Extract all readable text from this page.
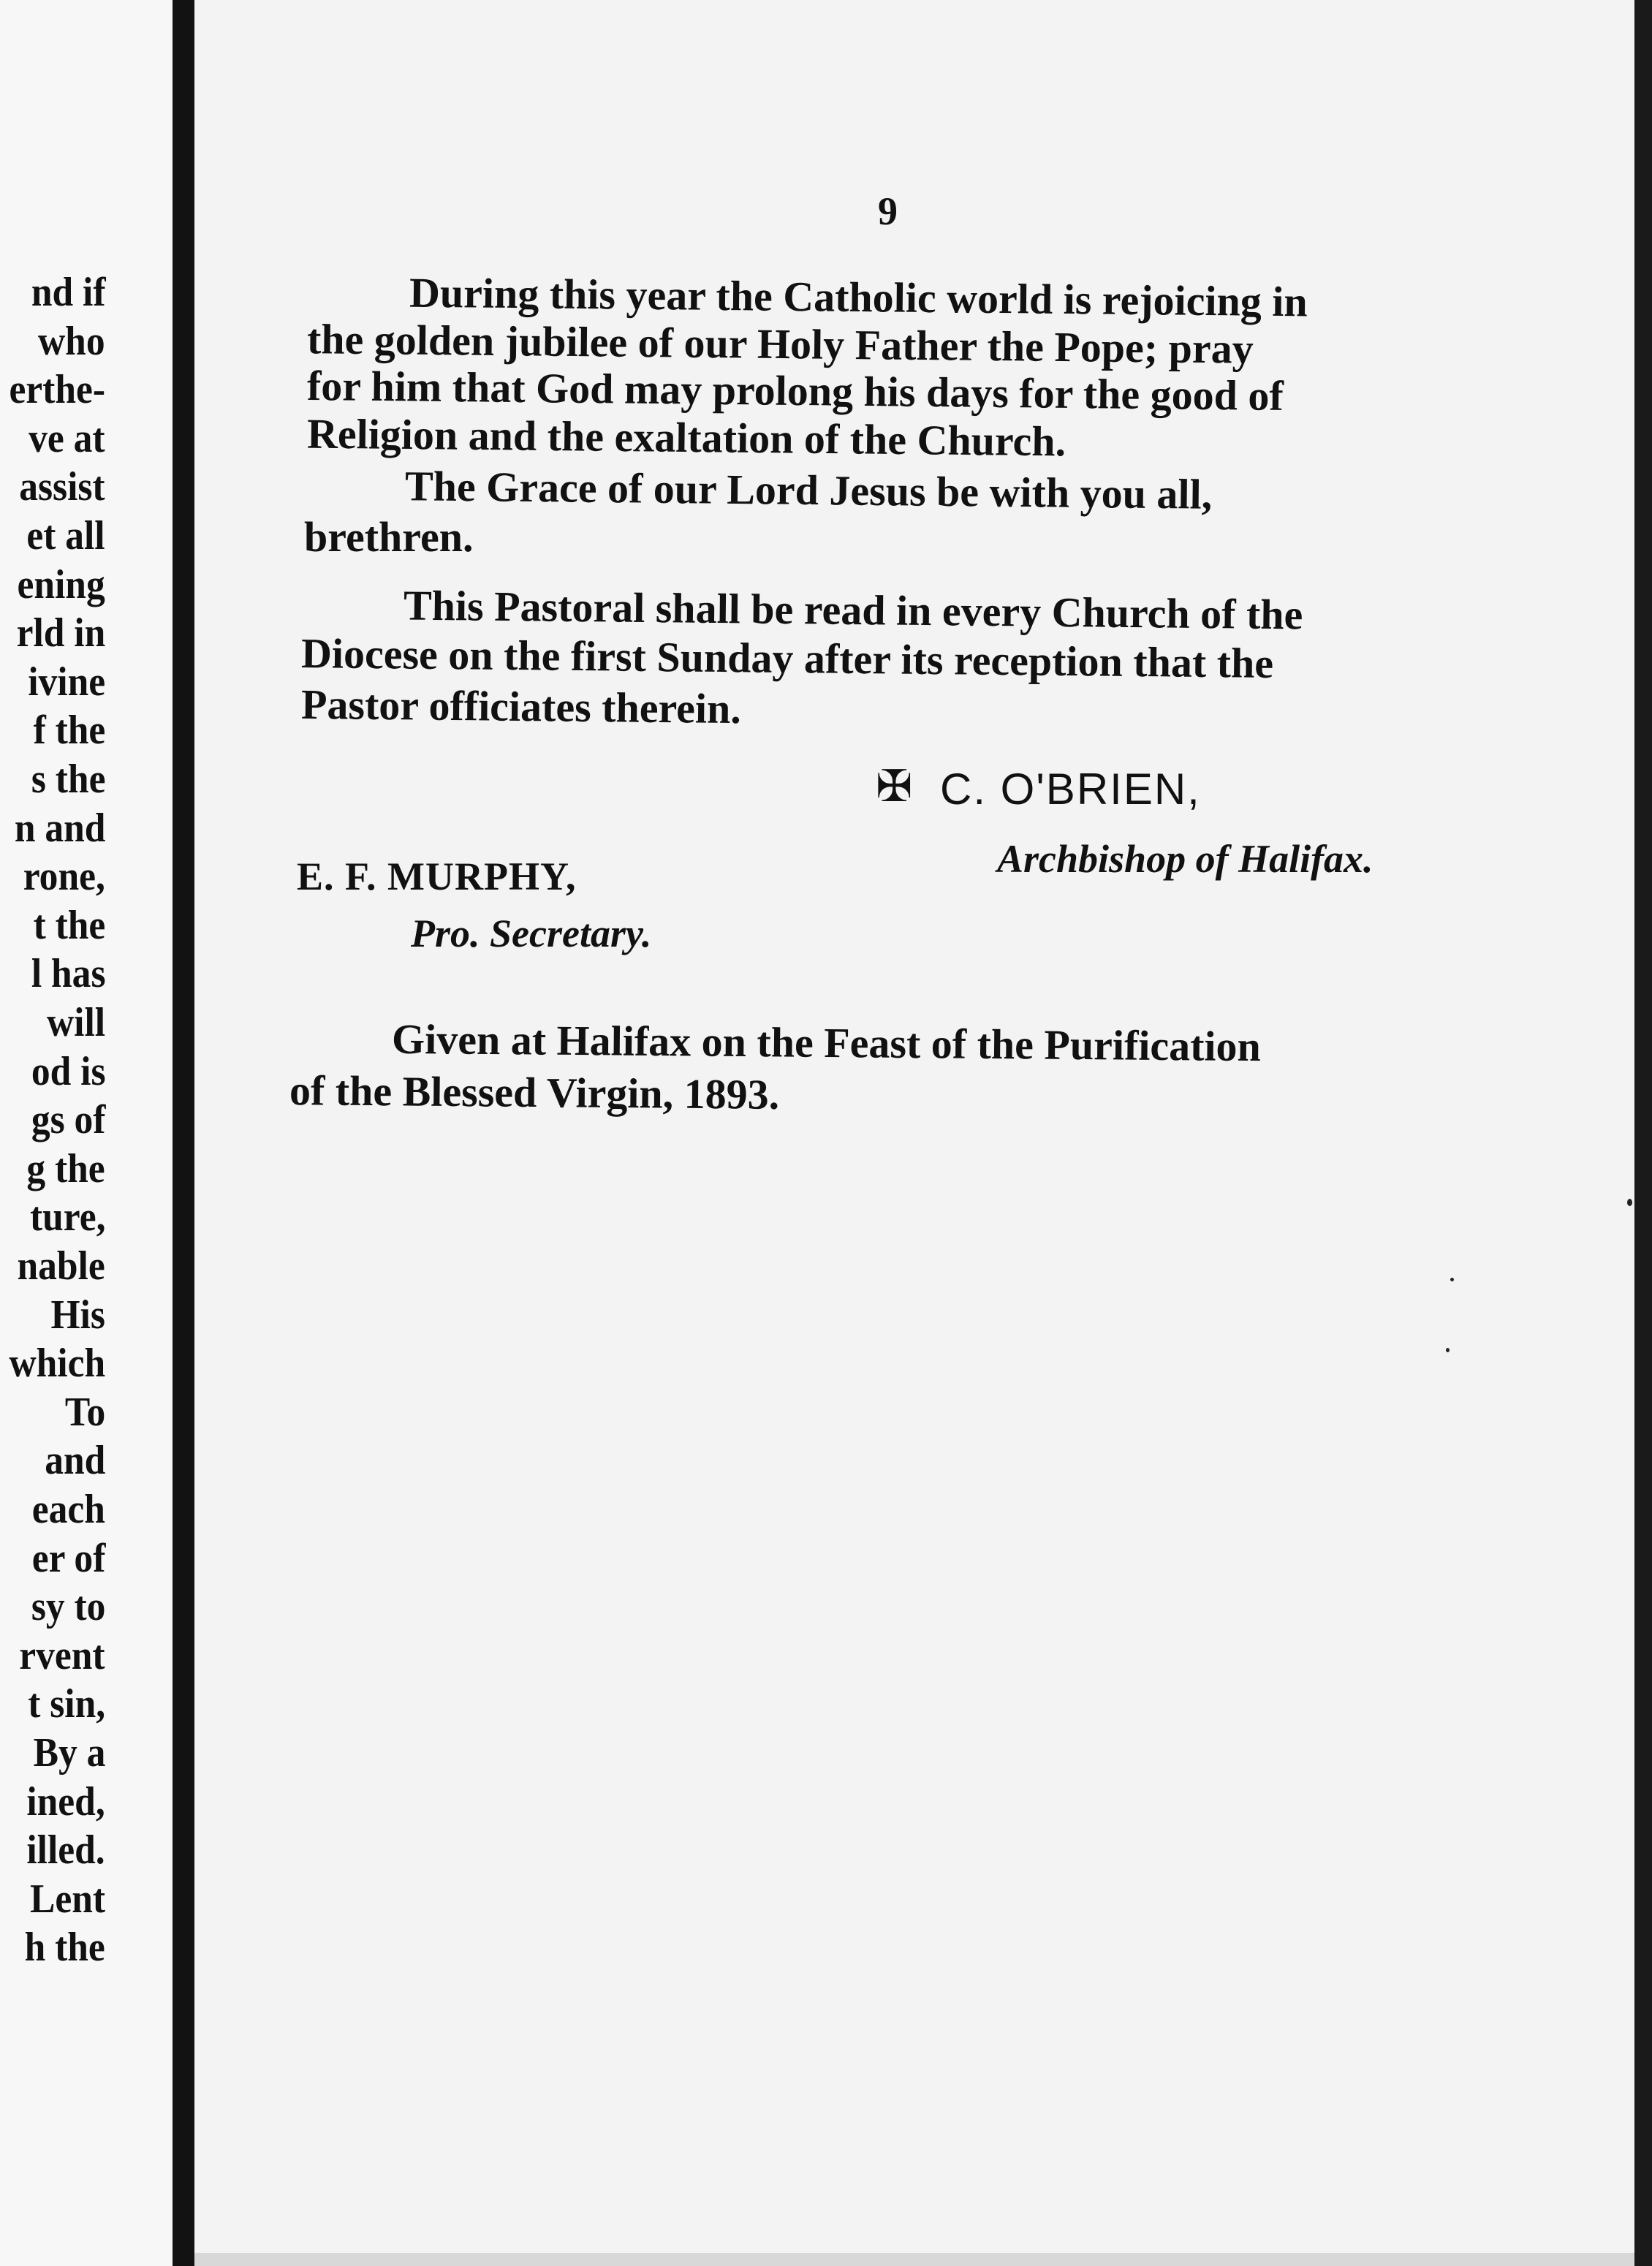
nd if
who
erthe-
ve at
assist
et all
ening
rld in
ivine
f the
s the
n and
rone,
t the
l has
will
od is
gs of
g the
ture,
nable
His
which
To
and
each
er of
sy to
rvent
t sin,
By a
ined,
illed.
Lent
h the
9
During this year the Catholic world is rejoicing in
the golden jubilee of our Holy Father the Pope; pray
for him that God may prolong his days for the good of
Religion and the exaltation of the Church.
The Grace of our Lord Jesus be with you all,
brethren.
This Pastoral shall be read in every Church of the
Diocese on the first Sunday after its reception that the
Pastor officiates therein.
✠ C. O'BRIEN,
Archbishop of Halifax.
E. F. MURPHY,
Pro. Secretary.
Given at Halifax on the Feast of the Purification
of the Blessed Virgin, 1893.
